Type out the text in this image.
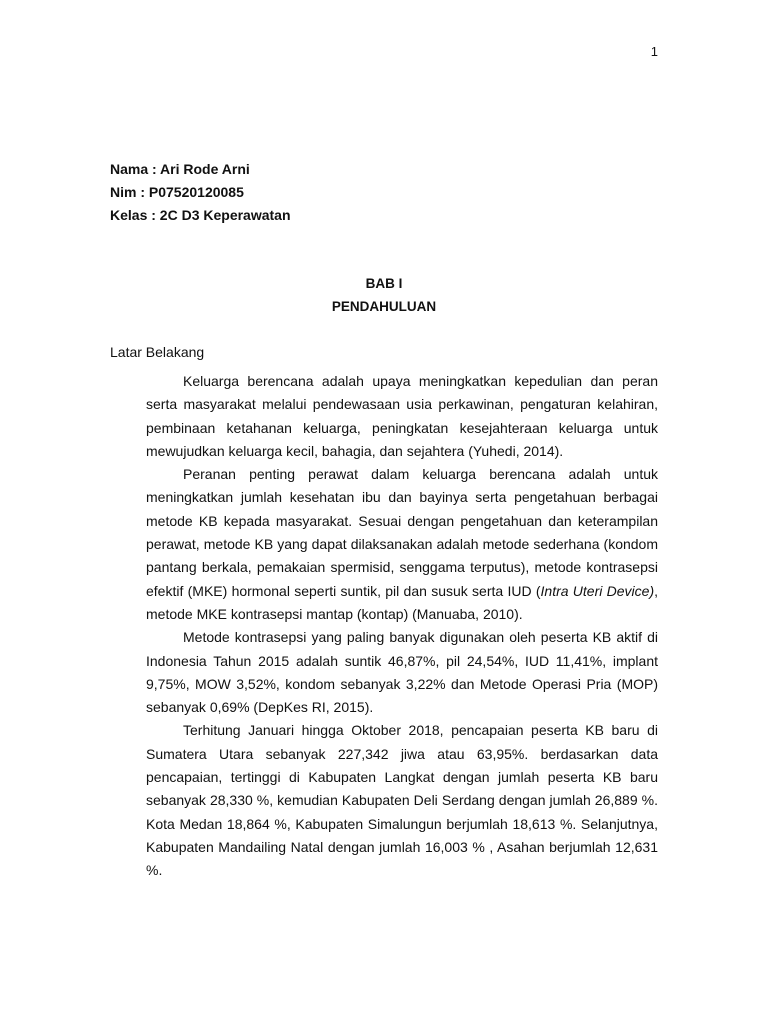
1
Nama : Ari Rode Arni
Nim : P07520120085
Kelas : 2C D3 Keperawatan
BAB I
PENDAHULUAN
Latar Belakang

Keluarga berencana adalah upaya meningkatkan kepedulian dan peran serta masyarakat melalui pendewasaan usia perkawinan, pengaturan kelahiran, pembinaan ketahanan keluarga, peningkatan kesejahteraan keluarga untuk mewujudkan keluarga kecil, bahagia, dan sejahtera (Yuhedi, 2014).

Peranan penting perawat dalam keluarga berencana adalah untuk meningkatkan jumlah kesehatan ibu dan bayinya serta pengetahuan berbagai metode KB kepada masyarakat. Sesuai dengan pengetahuan dan keterampilan perawat, metode KB yang dapat dilaksanakan adalah metode sederhana (kondom pantang berkala, pemakaian spermisid, senggama terputus), metode kontrasepsi efektif (MKE) hormonal seperti suntik, pil dan susuk serta IUD (Intra Uteri Device), metode MKE kontrasepsi mantap (kontap) (Manuaba, 2010).

Metode kontrasepsi yang paling banyak digunakan oleh peserta KB aktif di Indonesia Tahun 2015 adalah suntik 46,87%, pil 24,54%, IUD 11,41%, implant 9,75%, MOW 3,52%, kondom sebanyak 3,22% dan Metode Operasi Pria (MOP) sebanyak 0,69% (DepKes RI, 2015).

Terhitung Januari hingga Oktober 2018, pencapaian peserta KB baru di Sumatera Utara sebanyak 227,342 jiwa atau 63,95%. berdasarkan data pencapaian, tertinggi di Kabupaten Langkat dengan jumlah peserta KB baru sebanyak 28,330 %, kemudian Kabupaten Deli Serdang dengan jumlah 26,889 %. Kota Medan 18,864 %, Kabupaten Simalungun berjumlah 18,613 %. Selanjutnya, Kabupaten Mandailing Natal dengan jumlah 16,003 % , Asahan berjumlah 12,631 %.
